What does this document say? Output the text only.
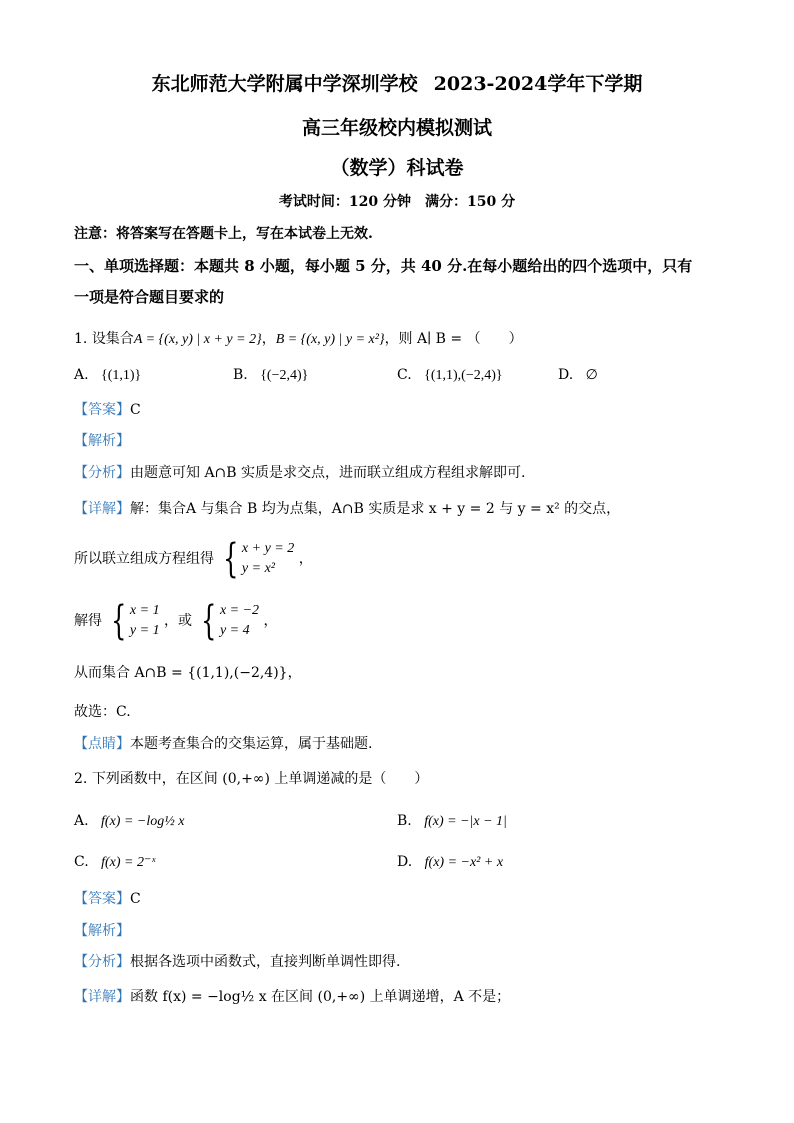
东北师范大学附属中学深圳学校 2023-2024学年下学期
高三年级校内模拟测试
（数学）科试卷
考试时间：120 分钟　满分：150 分
注意：将答案写在答题卡上，写在本试卷上无效.
一、单项选择题：本题共 8 小题，每小题 5 分，共 40 分.在每小题给出的四个选项中，只有
一项是符合题目要求的
1. 设集合A = {(x, y) | x + y = 2}，B = {(x, y) | y = x²}，则 A∣ B = （　　）
A. {(1,1)}	B. {(−2,4)}	C. {(1,1),(−2,4)}	D. ∅
【答案】C
【解析】
【分析】由题意可知 A∩B 实质是求交点，进而联立组成方程组求解即可.
【详解】解：集合A 与集合 B 均为点集，A∩B 实质是求 x + y = 2 与 y = x² 的交点，
所以联立组成方程组得 { x + y = 2
y = x²
，
解得 { x = 1
y = 1
，或 { x = −2
y = 4
，
从而集合 A∩B = {(1,1),(−2,4)}，
故选：C.
【点睛】本题考查集合的交集运算，属于基础题.
2. 下列函数中，在区间 (0,+∞) 上单调递减的是（　　）
A. f(x) = −log½ x	B. f(x) = −|x − 1|
C. f(x) = 2⁻ˣ	D. f(x) = −x² + x
【答案】C
【解析】
【分析】根据各选项中函数式，直接判断单调性即得.
【详解】函数 f(x) = −log½ x 在区间 (0,+∞) 上单调递增，A 不是；
